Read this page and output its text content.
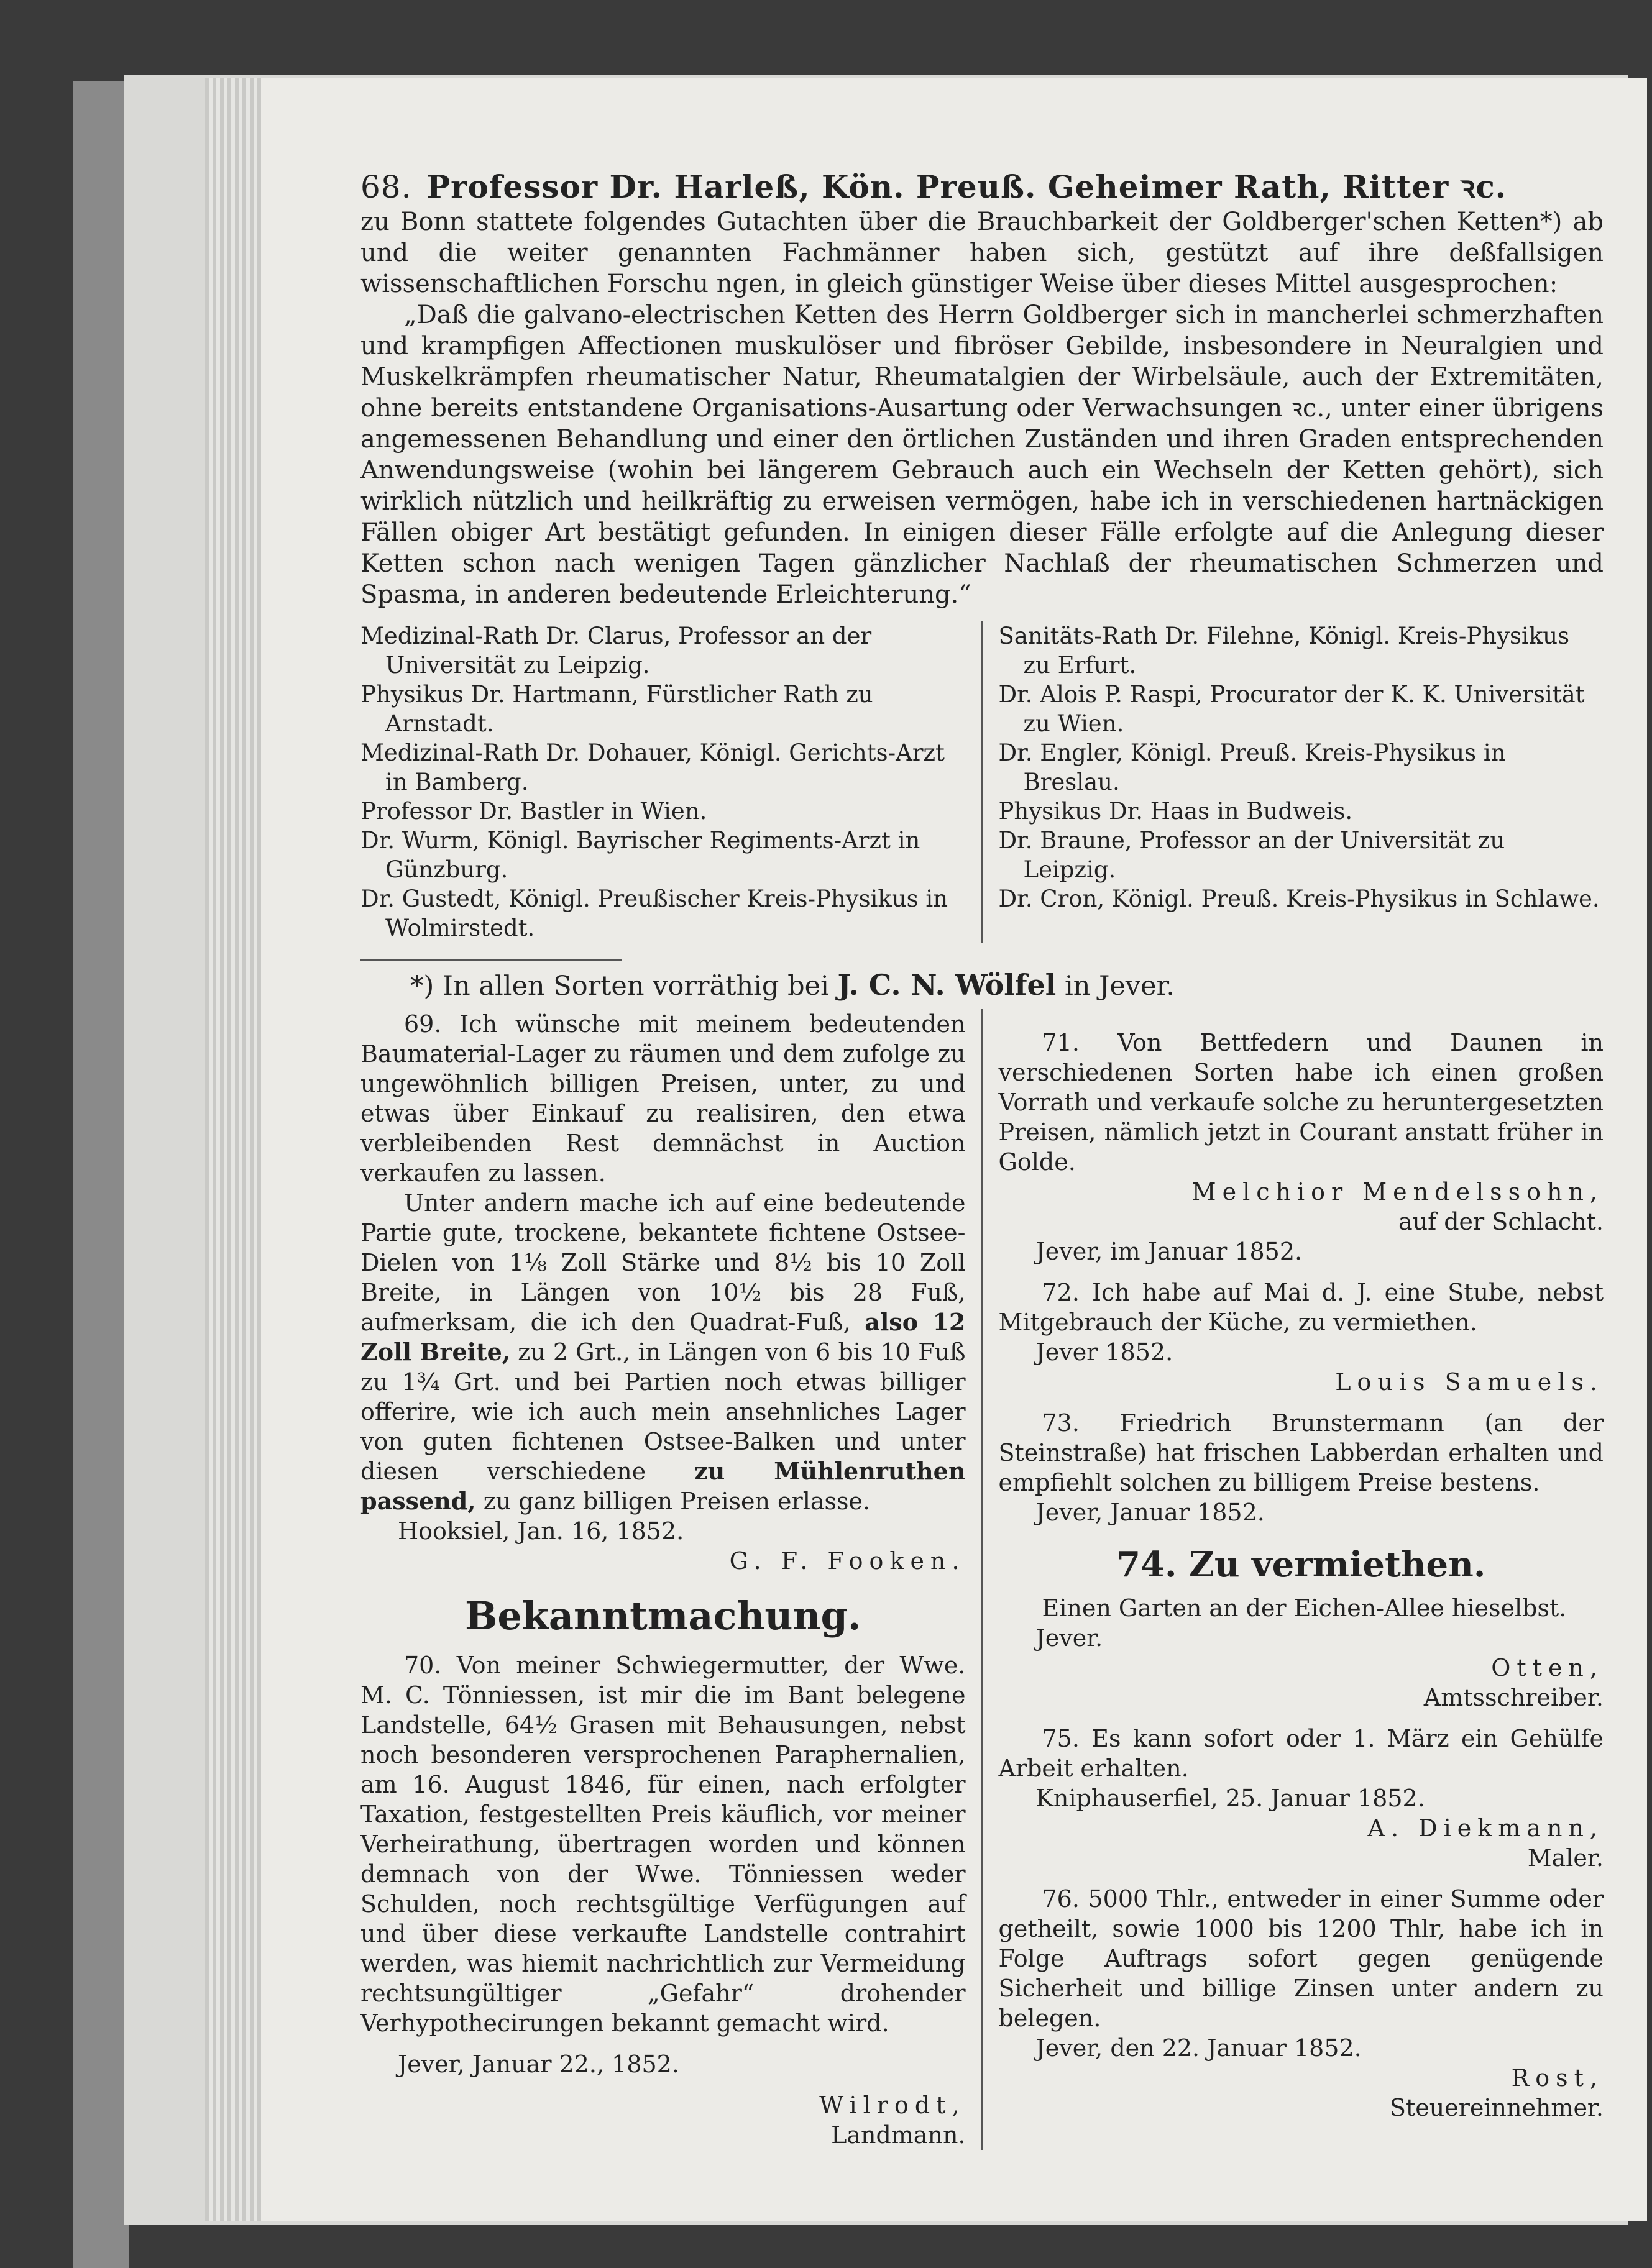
68. Professor Dr. Harleß, Kön. Preuß. Geheimer Rath, Ritter ꝛc.

zu Bonn stattete folgendes Gutachten über die Brauchbarkeit der Goldberger'schen Ketten*) ab und die weiter genannten Fachmänner haben sich, gestützt auf ihre deßfallsigen wissenschaftlichen Forschu ngen, in gleich günstiger Weise über dieses Mittel ausgesprochen:

„Daß die galvano-electrischen Ketten des Herrn Goldberger sich in mancherlei schmerzhaften und krampfigen Affectionen muskulöser und fibröser Gebilde, insbesondere in Neuralgien und Muskelkrämpfen rheumatischer Natur, Rheumatalgien der Wirbelsäule, auch der Extremitäten, ohne bereits entstandene Organisations-Ausartung oder Verwachsungen ꝛc., unter einer übrigens angemessenen Behandlung und einer den örtlichen Zuständen und ihren Graden entsprechenden Anwendungsweise (wohin bei längerem Gebrauch auch ein Wechseln der Ketten gehört), sich wirklich nützlich und heilkräftig zu erweisen vermögen, habe ich in verschiedenen hartnäckigen Fällen obiger Art bestätigt gefunden. In einigen dieser Fälle erfolgte auf die Anlegung dieser Ketten schon nach wenigen Tagen gänzlicher Nachlaß der rheumatischen Schmerzen und Spasma, in anderen bedeutende Erleichterung.“

Medizinal-Rath Dr. Clarus, Professor an der Universität zu Leipzig.

Physikus Dr. Hartmann, Fürstlicher Rath zu Arnstadt.

Medizinal-Rath Dr. Dohauer, Königl. Gerichts-Arzt in Bamberg.

Professor Dr. Bastler in Wien.

Dr. Wurm, Königl. Bayrischer Regiments-Arzt in Günzburg.

Dr. Gustedt, Königl. Preußischer Kreis-Physikus in Wolmirstedt.

Sanitäts-Rath Dr. Filehne, Königl. Kreis-Physikus zu Erfurt.

Dr. Alois P. Raspi, Procurator der K. K. Universität zu Wien.

Dr. Engler, Königl. Preuß. Kreis-Physikus in Breslau.

Physikus Dr. Haas in Budweis.

Dr. Braune, Professor an der Universität zu Leipzig.

Dr. Cron, Königl. Preuß. Kreis-Physikus in Schlawe.

*) In allen Sorten vorräthig bei J. C. N. Wölfel in Jever.

69. Ich wünsche mit meinem bedeutenden Baumaterial-Lager zu räumen und dem zufolge zu ungewöhnlich billigen Preisen, unter, zu und etwas über Einkauf zu realisiren, den etwa verbleibenden Rest demnächst in Auction verkaufen zu lassen.

Unter andern mache ich auf eine bedeutende Partie gute, trockene, bekantete fichtene Ostsee-Dielen von 1⅛ Zoll Stärke und 8½ bis 10 Zoll Breite, in Längen von 10½ bis 28 Fuß, aufmerksam, die ich den Quadrat-Fuß, also 12 Zoll Breite, zu 2 Grt., in Längen von 6 bis 10 Fuß zu 1¾ Grt. und bei Partien noch etwas billiger offerire, wie ich auch mein ansehnliches Lager von guten fichtenen Ostsee-Balken und unter diesen verschiedene zu Mühlenruthen passend, zu ganz billigen Preisen erlasse.

Hooksiel, Jan. 16, 1852.

G. F. Fooken.

Bekanntmachung.

70. Von meiner Schwiegermutter, der Wwe. M. C. Tönniessen, ist mir die im Bant belegene Landstelle, 64½ Grasen mit Behausungen, nebst noch besonderen versprochenen Paraphernalien, am 16. August 1846, für einen, nach erfolgter Taxation, festgestellten Preis käuflich, vor meiner Verheirathung, übertragen worden und können demnach von der Wwe. Tönniessen weder Schulden, noch rechtsgültige Verfügungen auf und über diese verkaufte Landstelle contrahirt werden, was hiemit nachrichtlich zur Vermeidung rechtsungültiger „Gefahr“ drohender Verhypothecirungen bekannt gemacht wird.

Jever, Januar 22., 1852.

Wilrodt,

Landmann.

71. Von Bettfedern und Daunen in verschiedenen Sorten habe ich einen großen Vorrath und verkaufe solche zu heruntergesetzten Preisen, nämlich jetzt in Courant anstatt früher in Golde.

Melchior Mendelssohn,

auf der Schlacht.

Jever, im Januar 1852.

72. Ich habe auf Mai d. J. eine Stube, nebst Mitgebrauch der Küche, zu vermiethen.

Jever 1852.

Louis Samuels.

73. Friedrich Brunstermann (an der Steinstraße) hat frischen Labberdan erhalten und empfiehlt solchen zu billigem Preise bestens.

Jever, Januar 1852.

74. Zu vermiethen.

Einen Garten an der Eichen-Allee hieselbst.

Jever.

Otten,

Amtsschreiber.

75. Es kann sofort oder 1. März ein Gehülfe Arbeit erhalten.

Kniphauserfiel, 25. Januar 1852.

A. Diekmann,

Maler.

76. 5000 Thlr., entweder in einer Summe oder getheilt, sowie 1000 bis 1200 Thlr, habe ich in Folge Auftrags sofort gegen genügende Sicherheit und billige Zinsen unter andern zu belegen.

Jever, den 22. Januar 1852.

Rost,

Steuereinnehmer.
